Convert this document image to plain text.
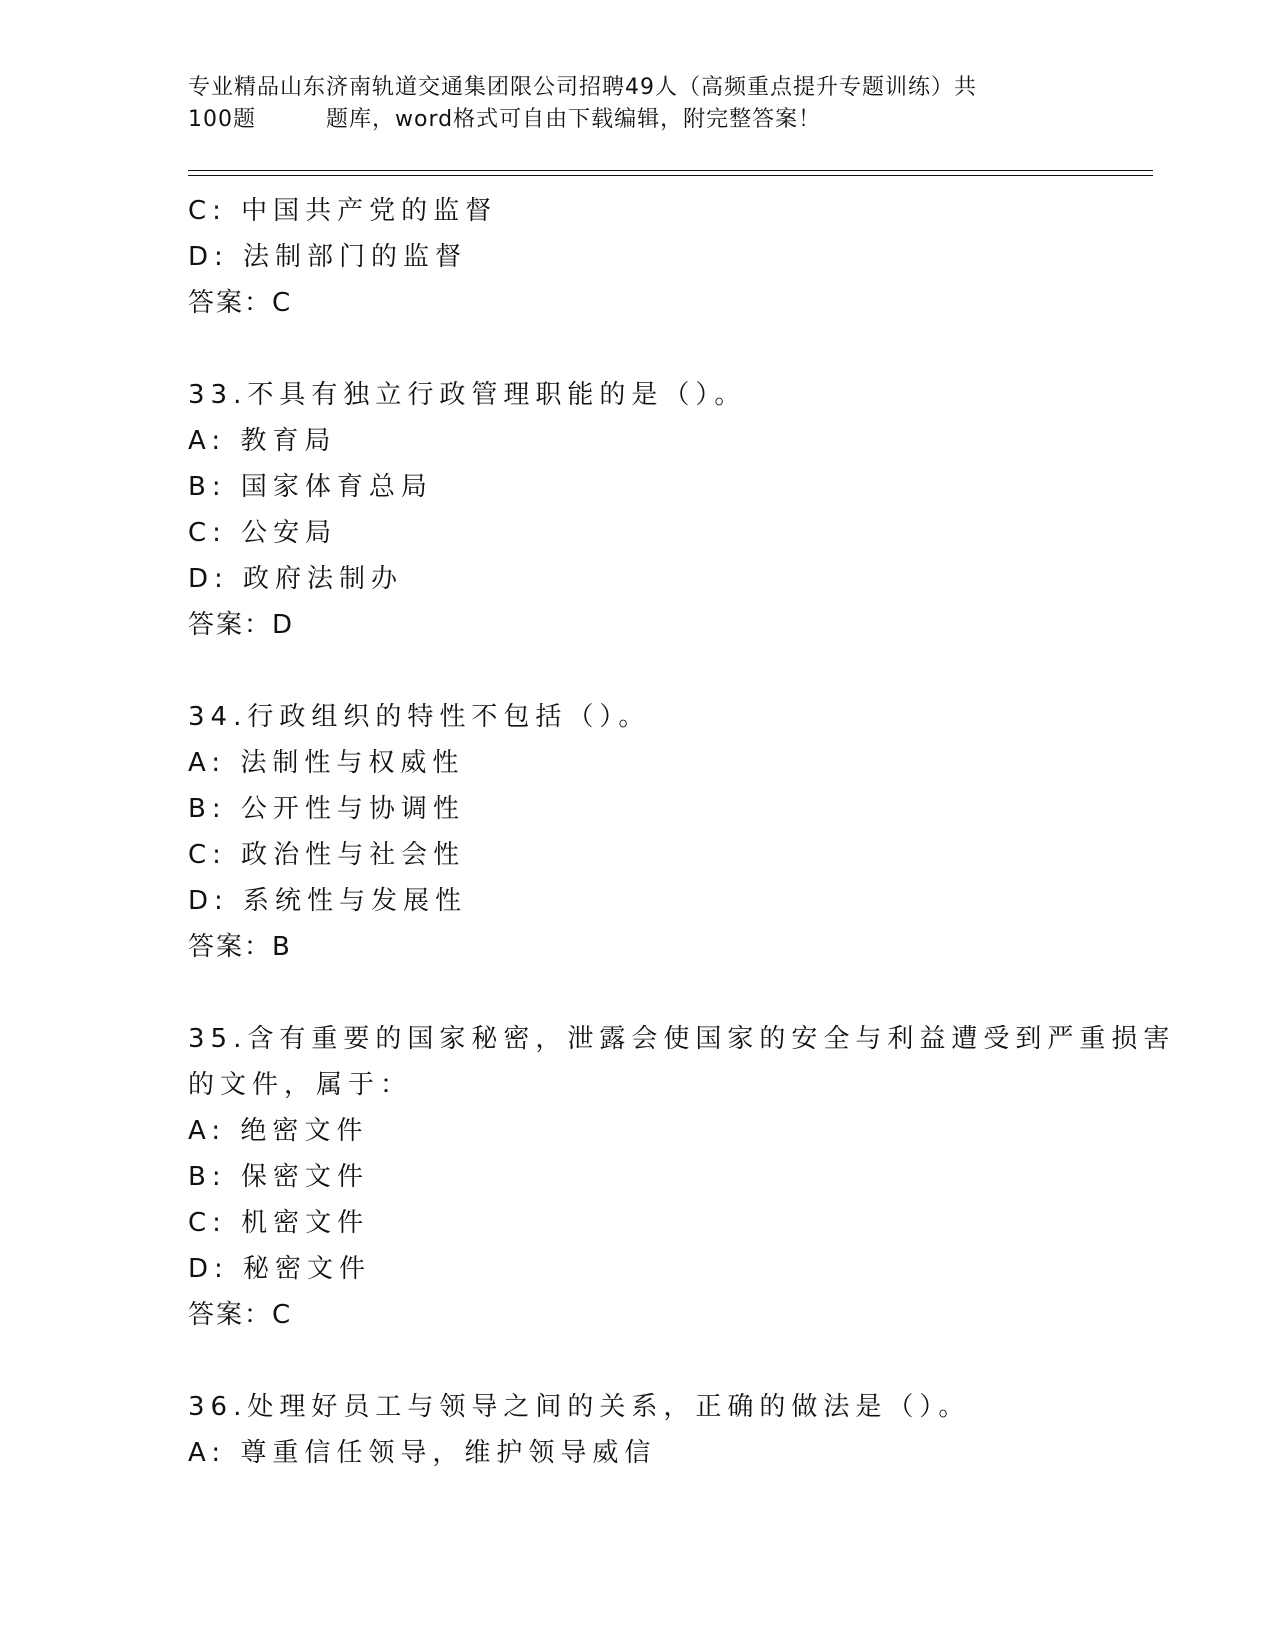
专业精品山东济南轨道交通集团限公司招聘49人（高频重点提升专题训练）共
100题	题库，word格式可自由下载编辑，附完整答案！
C: 中国共产党的监督
D: 法制部门的监督
答案：C
33.不具有独立行政管理职能的是（）。
A: 教育局
B: 国家体育总局
C: 公安局
D: 政府法制办
答案：D
34.行政组织的特性不包括（）。
A: 法制性与权威性
B: 公开性与协调性
C: 政治性与社会性
D: 系统性与发展性
答案：B
35.含有重要的国家秘密，泄露会使国家的安全与利益遭受到严重损害
的文件，属于：
A: 绝密文件
B: 保密文件
C: 机密文件
D: 秘密文件
答案：C
36.处理好员工与领导之间的关系，正确的做法是（）。
A: 尊重信任领导，维护领导威信
